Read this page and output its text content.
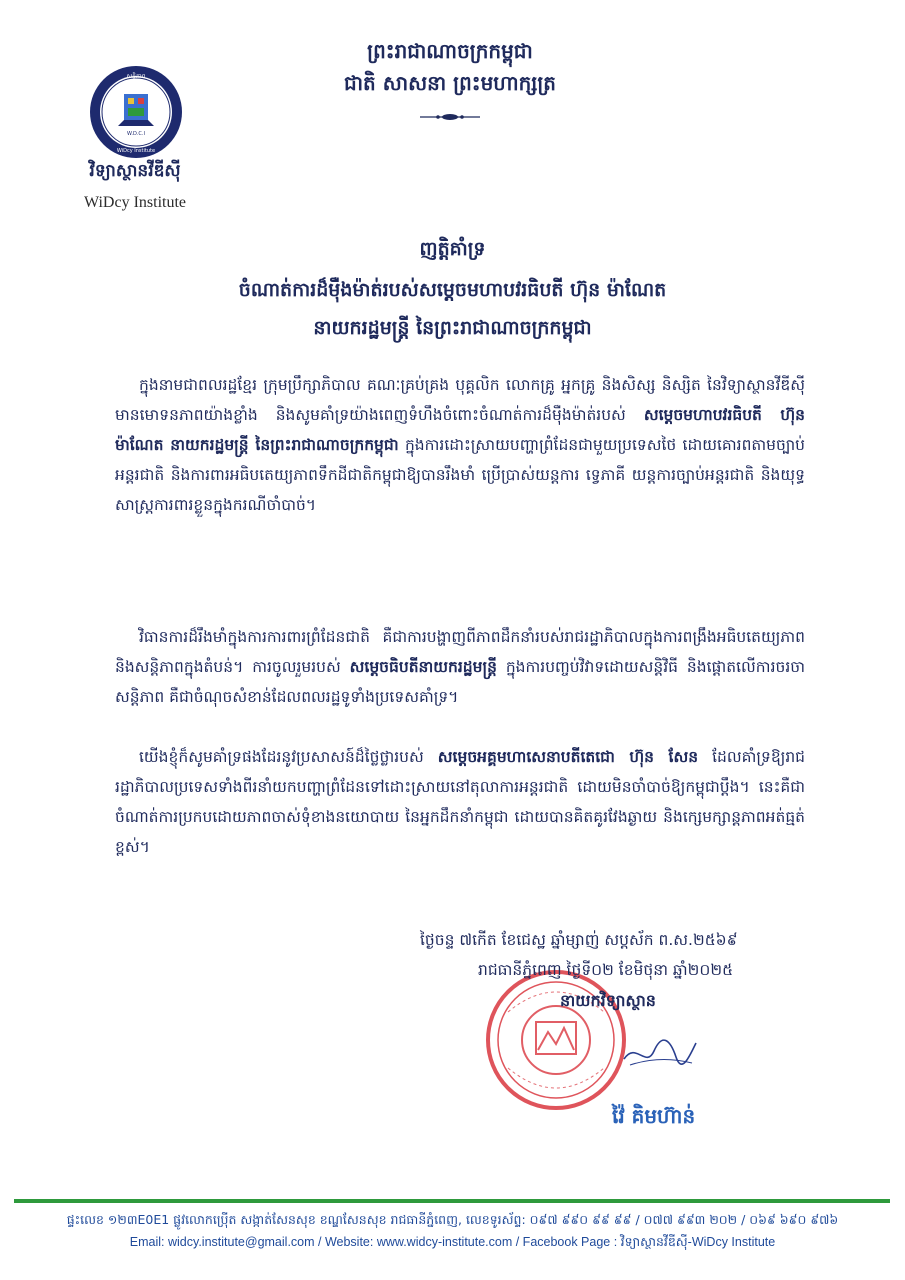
ព្រះរាជាណាចក្រកម្ពុជា
ជាតិ សាសនា ព្រះមហាក្សត្រ
សន្តិភាព
W.D.C.I
WiDcy Institute
វិទ្យាស្ថានវីឌីស៊ី
WiDcy Institute
ញត្តិគាំទ្រ
ចំណាត់ការដ៏ម៉ឺងម៉ាត់របស់សម្តេចមហាបវរធិបតី ហ៊ុន ម៉ាណែត
នាយករដ្ឋមន្ត្រី នៃព្រះរាជាណាចក្រកម្ពុជា
ក្នុងនាមជាពលរដ្ឋខ្មែរ ក្រុមប្រឹក្សាភិបាល គណៈគ្រប់គ្រង បុគ្គលិក លោកគ្រូ អ្នកគ្រូ និងសិស្ស និស្សិត នៃវិទ្យាស្ថានវីឌីស៊ី មានមោទនភាពយ៉ាងខ្លាំង និងសូមគាំទ្រយ៉ាងពេញទំហឹងចំពោះចំណាត់ការដ៏ម៉ឺងម៉ាត់របស់ សម្តេចមហាបវរធិបតី ហ៊ុន ម៉ាណែត នាយករដ្ឋមន្ត្រី នៃព្រះរាជាណាចក្រកម្ពុជា ក្នុងការដោះស្រាយបញ្ហាព្រំដែនជាមួយប្រទេសថៃ ដោយគោរពតាមច្បាប់អន្តរជាតិ និងការពារអធិបតេយ្យភាពទឹកដីជាតិកម្ពុជាឱ្យបានរឹងមាំ ប្រើប្រាស់យន្តការ ទ្វេភាគី យន្តការច្បាប់អន្តរជាតិ និងយុទ្ធសាស្ត្រការពារខ្លួនក្នុងករណីចាំបាច់។
វិធានការដ៏រឹងមាំក្នុងការការពារព្រំដែនជាតិ គឺជាការបង្ហាញពីភាពដឹកនាំរបស់រាជរដ្ឋាភិបាលក្នុងការពង្រឹងអធិបតេយ្យភាព និងសន្តិភាពក្នុងតំបន់។ ការចូលរួមរបស់ សម្តេចធិបតីនាយករដ្ឋមន្ត្រី ក្នុងការបញ្ចប់វិវាទដោយសន្តិវិធី និងផ្តោតលើការចរចាសន្តិភាព គឺជាចំណុចសំខាន់ដែលពលរដ្ឋទូទាំងប្រទេសគាំទ្រ។
យើងខ្ញុំក៏សូមគាំទ្រផងដែរនូវប្រសាសន៍ដ៏ថ្លៃថ្លារបស់ សម្តេចអគ្គមហាសេនាបតីតេជោ ហ៊ុន សែន ដែលគាំទ្រឱ្យរាជរដ្ឋាភិបាលប្រទេសទាំងពីរនាំយកបញ្ហាព្រំដែនទៅដោះស្រាយនៅតុលាការអន្តរជាតិ ដោយមិនចាំបាច់ឱ្យកម្ពុជាប្តឹង។ នេះគឺជាចំណាត់ការប្រកបដោយភាពចាស់ទុំខាងនយោបាយ នៃអ្នកដឹកនាំកម្ពុជា ដោយបានគិតគូរវែងឆ្ងាយ និងក្សេមក្សាន្តភាពអត់ធ្មត់ខ្ពស់។
ថ្ងៃចន្ទ ៧កើត ខែជេស្ឋ ឆ្នាំម្សាញ់ សប្តស័ក ព.ស.២៥៦៩
រាជធានីភ្នំពេញ ថ្ងៃទី០២ ខែមិថុនា ឆ្នាំ២០២៥
នាយកវិទ្យាស្ថាន
វ៉ៃ គិមហ៊ាន់
ផ្ទះលេខ ១២៣E0E1 ផ្លូវលោកប៉្រើត សង្កាត់សែនសុខ ខណ្ឌសែនសុខ រាជធានីភ្នំពេញ, លេខទូរស័ព្ទ: ០៩៧ ៩៩០ ៩៩ ៩៩ / ០៧៧ ៩៩៣ ២០២ / ០៦៩ ៦៩០ ៩៧៦
Email: widcy.institute@gmail.com / Website: www.widcy-institute.com / Facebook Page : វិទ្យាស្ថានវីឌីស៊ី-WiDcy Institute
